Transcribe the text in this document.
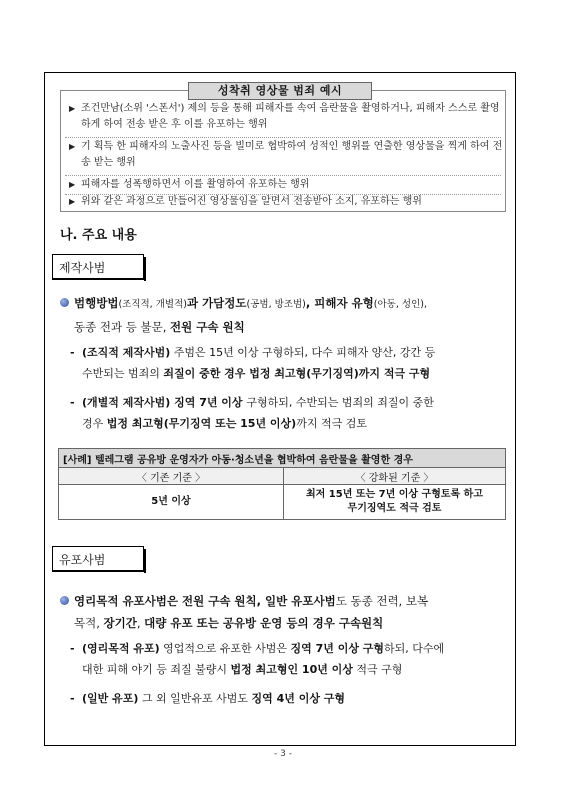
▶ 조건만남(소위 '스폰서') 제의 등을 통해 피해자를 속여 음란물을 촬영하거나, 피해자 스스로 촬영하게 하여 전송 받은 후 이를 유포하는 행위
▶ 기 획득 한 피해자의 노출사진 등을 빌미로 협박하여 성적인 행위를 연출한 영상물을 찍게 하여 전송 받는 행위
▶ 피해자를 성폭행하면서 이를 촬영하여 유포하는 행위
▶ 위와 같은 과정으로 만들어진 영상물임을 알면서 전송받아 소지, 유포하는 행위
성착취 영상물 범죄 예시
나. 주요 내용
제작사범
범행방법(조직적, 개별적)과 가담정도(공범, 방조범), 피해자 유형(아동, 성인),
동종 전과 등 불문, 전원 구속 원칙
- (조직적 제작사범) 주범은 15년 이상 구형하되, 다수 피해자 양산, 강간 등
수반되는 범죄의 죄질이 중한 경우 법정 최고형(무기징역)까지 적극 구형
- (개별적 제작사범) 징역 7년 이상 구형하되, 수반되는 범죄의 죄질이 중한
경우 법정 최고형(무기징역 또는 15년 이상)까지 적극 검토
[사례] 텔레그램 공유방 운영자가 아동·청소년을 협박하여 음란물을 촬영한 경우	
〈 기존 기준 〉	〈 강화된 기준 〉
5년 이상	최저 15년 또는 7년 이상 구형토록 하고
무기징역도 적극 검토
유포사범
영리목적 유포사범은 전원 구속 원칙, 일반 유포사범도 동종 전력, 보복
목적, 장기간, 대량 유포 또는 공유방 운영 등의 경우 구속원칙
- (영리목적 유포) 영업적으로 유포한 사범은 징역 7년 이상 구형하되, 다수에
대한 피해 야기 등 죄질 불량시 법정 최고형인 10년 이상 적극 구형
- (일반 유포) 그 외 일반유포 사범도 징역 4년 이상 구형
- 3 -
